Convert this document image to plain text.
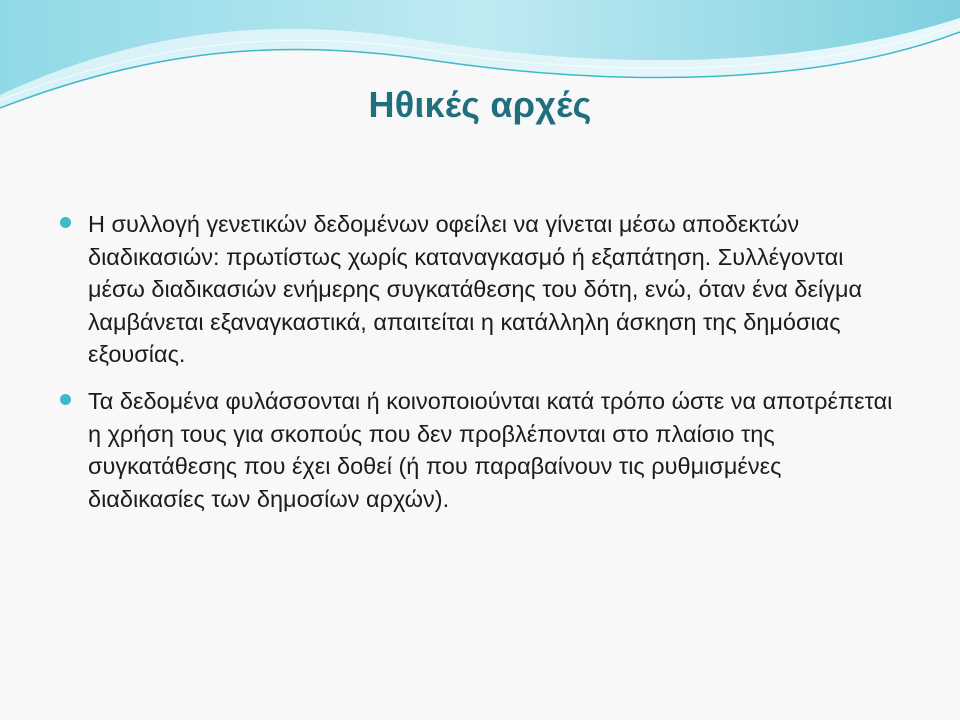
Ηθικές αρχές
Η συλλογή γενετικών δεδομένων οφείλει να γίνεται μέσω αποδεκτών διαδικασιών: πρωτίστως χωρίς καταναγκασμό ή εξαπάτηση. Συλλέγονται μέσω διαδικασιών ενήμερης συγκατάθεσης του δότη, ενώ, όταν ένα δείγμα λαμβάνεται εξαναγκαστικά, απαιτείται η κατάλληλη άσκηση της δημόσιας εξουσίας.
Τα δεδομένα φυλάσσονται ή κοινοποιούνται κατά τρόπο ώστε να αποτρέπεται η χρήση τους για σκοπούς που δεν προβλέπονται στο πλαίσιο της συγκατάθεσης που έχει δοθεί (ή που παραβαίνουν τις ρυθμισμένες διαδικασίες των δημοσίων αρχών).
